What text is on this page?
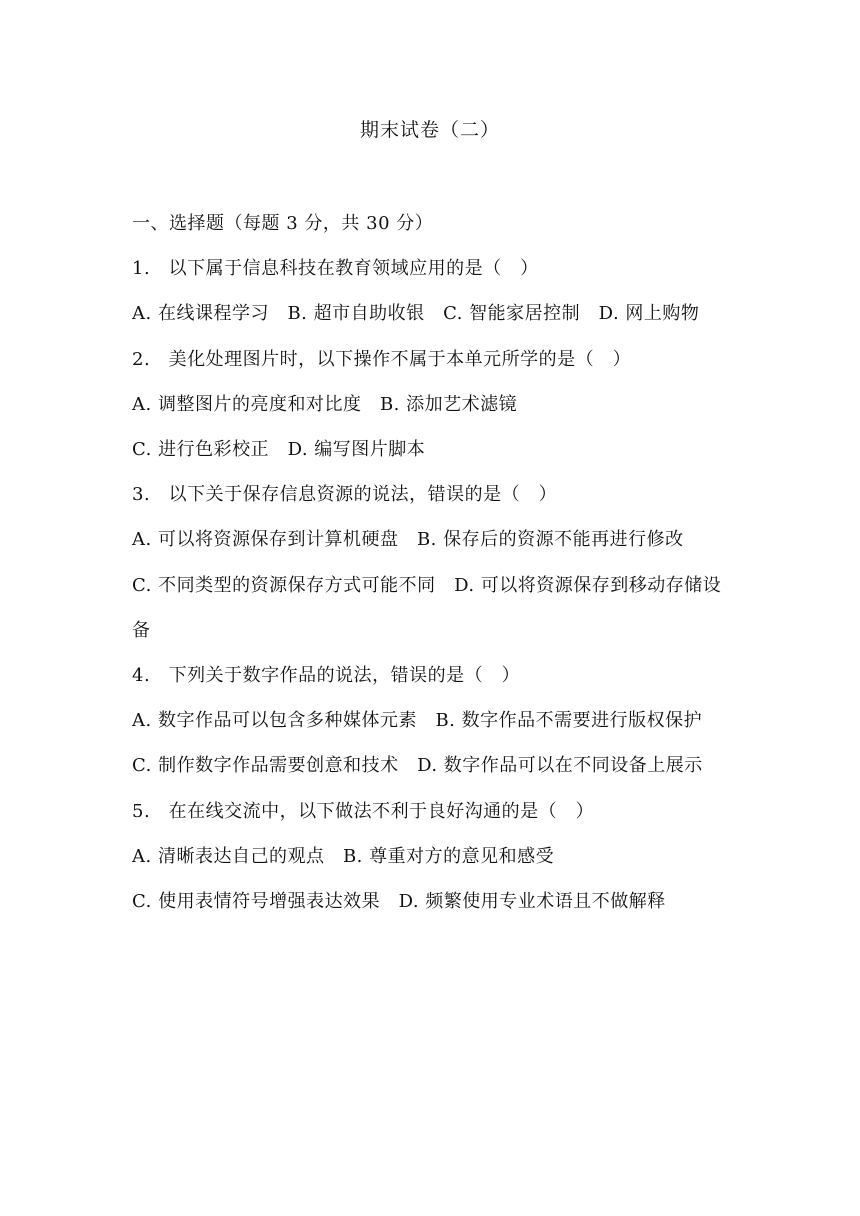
期末试卷（二）

一、选择题（每题 3 分，共 30 分）

1.　以下属于信息科技在教育领域应用的是（　）

A. 在线课程学习　B. 超市自助收银　C. 智能家居控制　D. 网上购物

2.　美化处理图片时，以下操作不属于本单元所学的是（　）

A. 调整图片的亮度和对比度　B. 添加艺术滤镜

C. 进行色彩校正　D. 编写图片脚本

3.　以下关于保存信息资源的说法，错误的是（　）

A. 可以将资源保存到计算机硬盘　B. 保存后的资源不能再进行修改

C. 不同类型的资源保存方式可能不同　D. 可以将资源保存到移动存储设备

4.　下列关于数字作品的说法，错误的是（　）

A. 数字作品可以包含多种媒体元素　B. 数字作品不需要进行版权保护

C. 制作数字作品需要创意和技术　D. 数字作品可以在不同设备上展示

5.　在在线交流中，以下做法不利于良好沟通的是（　）

A. 清晰表达自己的观点　B. 尊重对方的意见和感受

C. 使用表情符号增强表达效果　D. 频繁使用专业术语且不做解释
